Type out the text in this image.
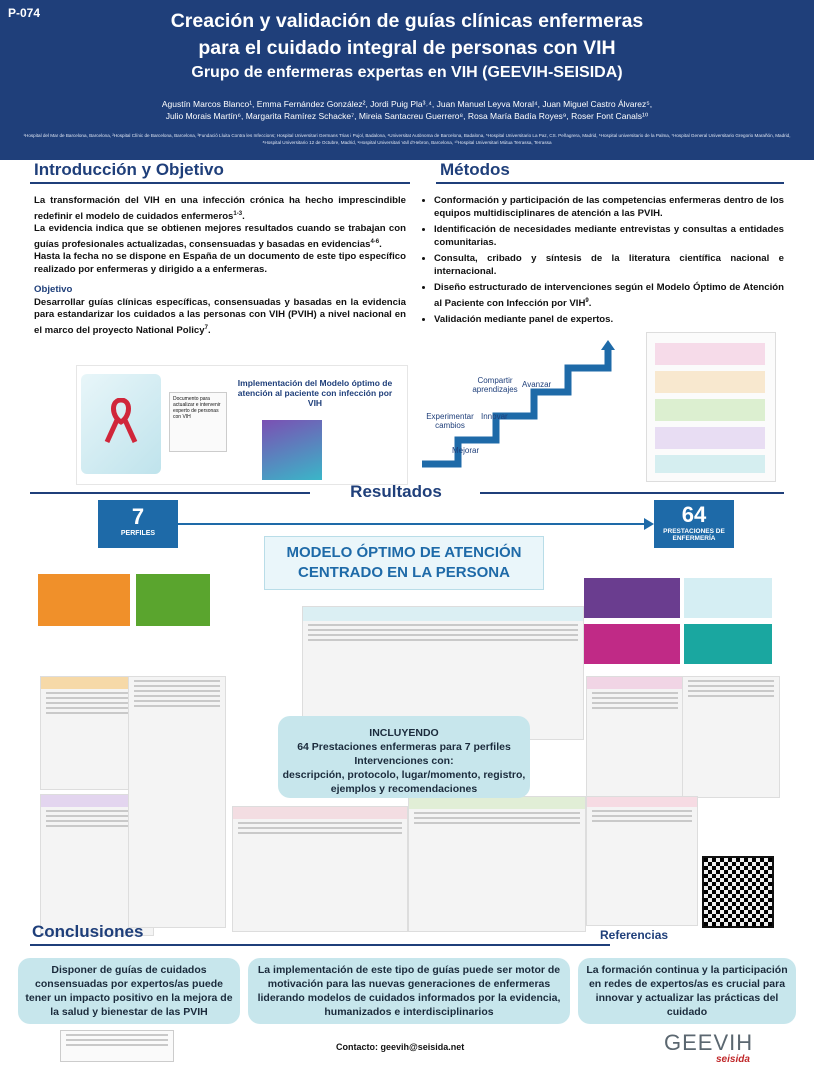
P-074	Creación y validación de guías clínicas enfermeras
para el cuidado integral de personas con VIH
Grupo de enfermeras expertas en VIH (GEEVIH-SEISIDA)
Agustín Marcos Blanco¹, Emma Fernández González², Jordi Puig Pla³˒⁴, Juan Manuel Leyva Moral⁴, Juan Miguel Castro Álvarez⁵,
Julio Morais Martín⁶, Margarita Ramírez Schacke⁷, Mireia Santacreu Guerrero⁸, Rosa María Badía Royes⁹, Roser Font Canals¹⁰
¹Hospital del Mar de Barcelona, Barcelona, ²Hospital Clínic de Barcelona, Barcelona, ³Fundació Lluita Contra les Infeccions; Hospital Universitari Germans Trias i Pujol, Badalona, ⁴Universitat Autònoma de Barcelona, Badalona, ⁵Hospital Universitario La Paz, CS. Peñagrera, Madrid, ⁶Hospital universitario de la Palma, ⁷Hospital General Universitario Gregorio Marañón, Madrid, ⁸Hospital Universitario 12 de Octubre, Madrid, ⁹Hospital Universitari Vall d'Hebron, Barcelona, ¹⁰Hospital Universitari Mútua Terrassa, Terrassa
Introducción y Objetivo

La transformación del VIH en una infección crónica ha hecho imprescindible redefinir el modelo de cuidados enfermeros$^{1-3}$.

La evidencia indica que se obtienen mejores resultados cuando se trabajan con guías profesionales actualizadas, consensuadas y basadas en evidencias$^{4-6}$.

Hasta la fecha no se dispone en España de un documento de este tipo específico realizado por enfermeras y dirigido a a enfermeras.

Objetivo

Desarrollar guías clínicas específicas, consensuadas y basadas en la evidencia para estandarizar los cuidados a las personas con VIH (PVIH) a nivel nacional en el marco del proyecto National Policy$^7$.

Documento para actualizar e intervenir experto de personas con VIH
Implementación del Modelo óptimo de atención al paciente con infección por VIH
Métodos
• Conformación y participación de las competencias enfermeras dentro de los equipos multidisciplinares de atención a las PVIH.
• Identificación de necesidades mediante entrevistas y consultas a entidades comunitarias.
• Consulta, cribado y síntesis de la literatura científica nacional e internacional.
• Diseño estructurado de intervenciones según el Modelo Óptimo de Atención al Paciente con Infección por VIH$^9$.
• Validación mediante panel de expertos.
Mejorar
Experimentar cambios
Innovar
Compartir aprendizajes
Avanzar
Resultados
7
PERFILES
64
PRESTACIONES DE ENFERMERÍA
MODELO ÓPTIMO DE ATENCIÓN
CENTRADO EN LA PERSONA
INCLUYENDO
64 Prestaciones enfermeras para 7 perfiles
Intervenciones con:
descripción, protocolo, lugar/momento, registro,
ejemplos y recomendaciones
Conclusiones	Referencias
Disponer de guías de cuidados consensuadas por expertos/as puede tener un impacto positivo en la mejora de la salud y bienestar de las PVIH
La implementación de este tipo de guías puede ser motor de motivación para las nuevas generaciones de enfermeras liderando modelos de cuidados informados por la evidencia, humanizados e interdisciplinarios
La formación continua y la participación en redes de expertos/as es crucial para innovar y actualizar las prácticas del cuidado
Contacto: geevih@seisida.net	GEEVIH
seisida
